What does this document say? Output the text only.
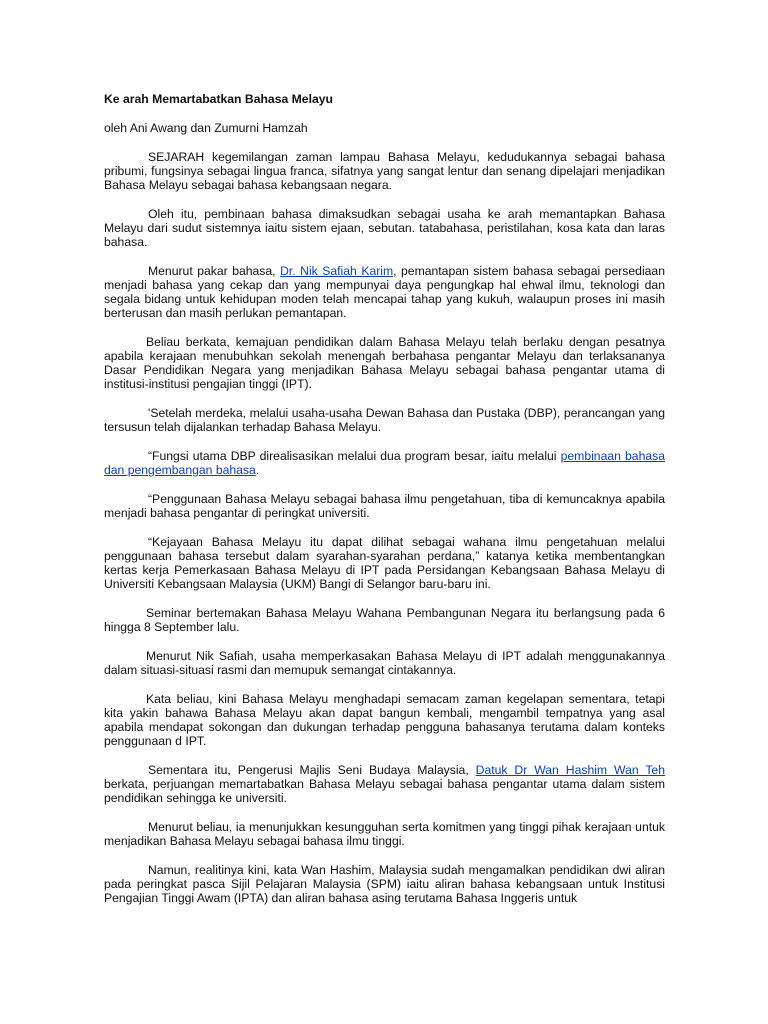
Ke arah Memartabatkan Bahasa Melayu
oleh Ani Awang dan Zumurni Hamzah

SEJARAH kegemilangan zaman lampau Bahasa Melayu, kedudukannya sebagai bahasa pribumi, fungsinya sebagai lingua franca, sifatnya yang sangat lentur dan senang dipelajari menjadikan Bahasa Melayu sebagai bahasa kebangsaan negara.

Oleh itu, pembinaan bahasa dimaksudkan sebagai usaha ke arah memantapkan Bahasa Melayu dari sudut sistemnya iaitu sistem ejaan, sebutan. tatabahasa, peristilahan, kosa kata dan laras bahasa.

Menurut pakar bahasa, Dr. Nik Safiah Karim, pemantapan sistem bahasa sebagai persediaan menjadi bahasa yang cekap dan yang mempunyai daya pengungkap hal ehwal ilmu, teknologi dan segala bidang untuk kehidupan moden telah mencapai tahap yang kukuh, walaupun proses ini masih berterusan dan masih perlukan pemantapan.

Beliau berkata, kemajuan pendidikan dalam Bahasa Melayu telah berlaku dengan pesatnya apabila kerajaan menubuhkan sekolah menengah berbahasa pengantar Melayu dan terlaksananya Dasar Pendidikan Negara yang menjadikan Bahasa Melayu sebagai bahasa pengantar utama di institusi-institusi pengajian tinggi (IPT).

'Setelah merdeka, melalui usaha-usaha Dewan Bahasa dan Pustaka (DBP), perancangan yang tersusun telah dijalankan terhadap Bahasa Melayu.

“Fungsi utama DBP direalisasikan melalui dua program besar, iaitu melalui pembinaan bahasa dan pengembangan bahasa.

“Penggunaan Bahasa Melayu sebagai bahasa ilmu pengetahuan, tiba di kemuncaknya apabila menjadi bahasa pengantar di peringkat universiti.

“Kejayaan Bahasa Melayu itu dapat dilihat sebagai wahana ilmu pengetahuan melalui penggunaan bahasa tersebut dalam syarahan-syarahan perdana,” katanya ketika membentangkan kertas kerja Pemerkasaan Bahasa Melayu di IPT pada Persidangan Kebangsaan Bahasa Melayu di Universiti Kebangsaan Malaysia (UKM) Bangi di Selangor baru-baru ini.

Seminar bertemakan Bahasa Melayu Wahana Pembangunan Negara itu berlangsung pada 6 hingga 8 September lalu.

Menurut Nik Safiah, usaha memperkasakan Bahasa Melayu di IPT adalah menggunakannya dalam situasi-situasi rasmi dan memupuk semangat cintakannya.

Kata beliau, kini Bahasa Melayu menghadapi semacam zaman kegelapan sementara, tetapi kita yakin bahawa Bahasa Melayu akan dapat bangun kembali, mengambil tempatnya yang asal apabila mendapat sokongan dan dukungan terhadap pengguna bahasanya terutama dalam konteks penggunaan d IPT.

Sementara itu, Pengerusi Majlis Seni Budaya Malaysia, Datuk Dr Wan Hashim Wan Teh berkata, perjuangan memartabatkan Bahasa Melayu sebagai bahasa pengantar utama dalam sistem pendidikan sehingga ke universiti.

Menurut beliau, ia menunjukkan kesungguhan serta komitmen yang tinggi pihak kerajaan untuk menjadikan Bahasa Melayu sebagai bahasa ilmu tinggi.

Namun, realitinya kini, kata Wan Hashim, Malaysia sudah mengamalkan pendidikan dwi aliran pada peringkat pasca Sijil Pelajaran Malaysia (SPM) iaitu aliran bahasa kebangsaan untuk Institusi Pengajian Tinggi Awam (IPTA) dan aliran bahasa asing terutama Bahasa Inggeris untuk
